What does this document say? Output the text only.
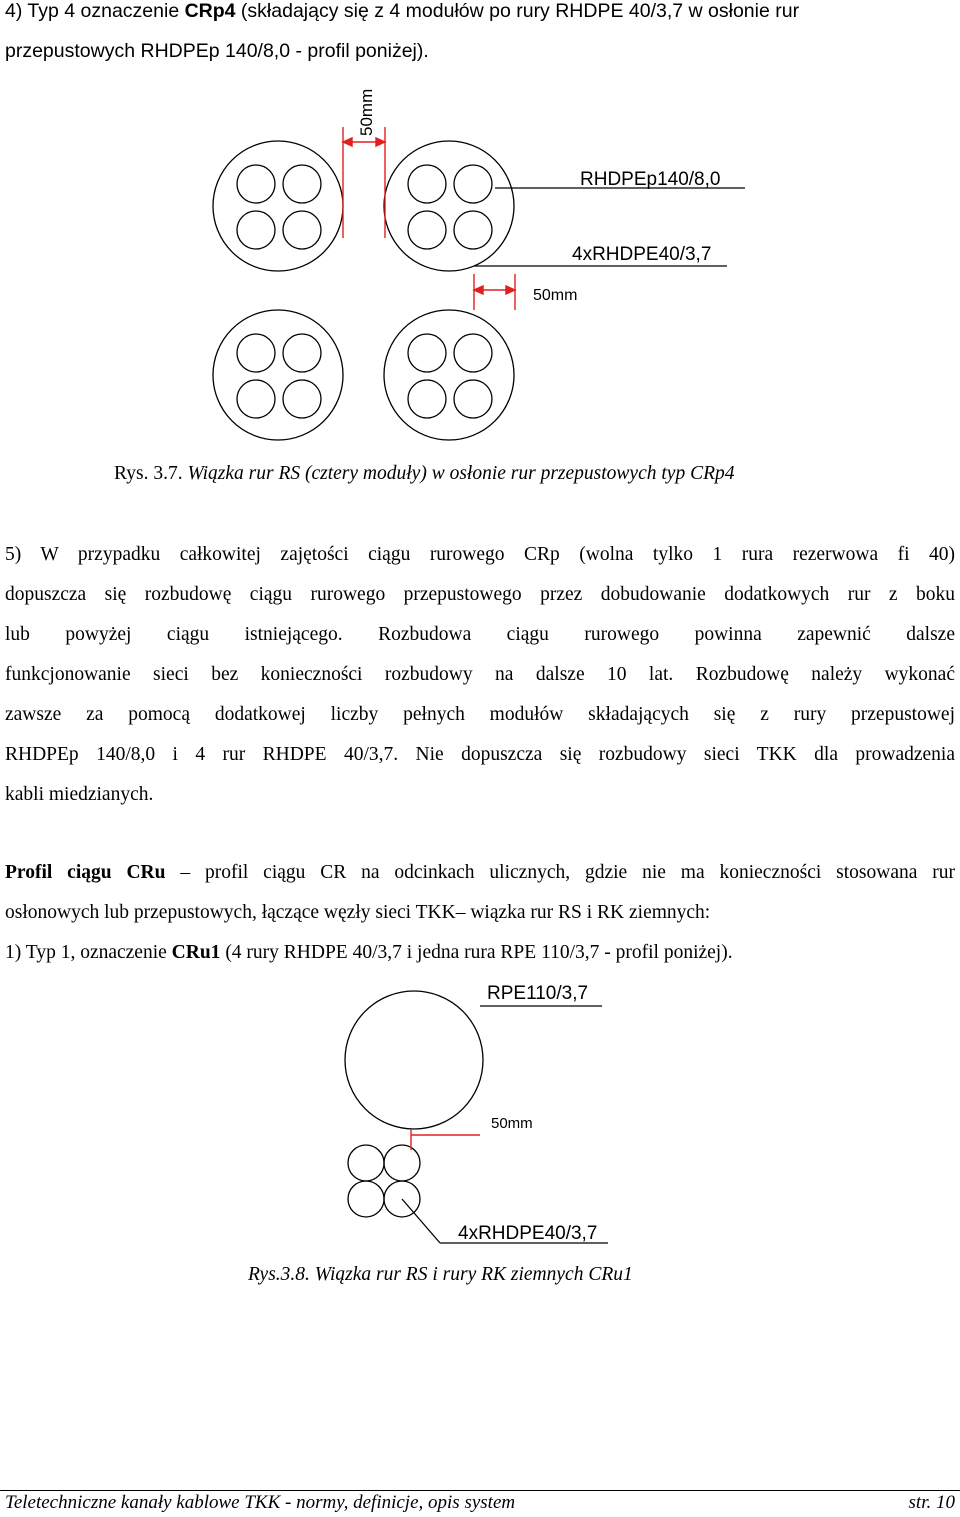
4) Typ 4 oznaczenie CRp4 (składający się z 4 modułów po rury RHDPE 40/3,7 w osłonie rur
przepustowych RHDPEp 140/8,0 - profil poniżej).
50mm
RHDPEp140/8,0
4xRHDPE40/3,7
50mm
Rys. 3.7. Wiązka rur RS (cztery moduły) w osłonie rur przepustowych typ CRp4
5) W przypadku całkowitej zajętości ciągu rurowego CRp (wolna tylko 1 rura rezerwowa fi 40)
dopuszcza się rozbudowę ciągu rurowego przepustowego przez dobudowanie dodatkowych rur z boku
lub powyżej ciągu istniejącego. Rozbudowa ciągu rurowego powinna zapewnić dalsze
funkcjonowanie sieci bez konieczności rozbudowy na dalsze 10 lat. Rozbudowę należy wykonać
zawsze za pomocą dodatkowej liczby pełnych modułów składających się z rury przepustowej
RHDPEp 140/8,0 i 4 rur RHDPE 40/3,7. Nie dopuszcza się rozbudowy sieci TKK dla prowadzenia
kabli miedzianych.
Profil ciągu CRu – profil ciągu CR na odcinkach ulicznych, gdzie nie ma konieczności stosowana rur
osłonowych lub przepustowych, łączące węzły sieci TKK– wiązka rur RS i RK ziemnych:
1) Typ 1, oznaczenie CRu1 (4 rury RHDPE 40/3,7 i jedna rura RPE 110/3,7 - profil poniżej).
RPE110/3,7
50mm
4xRHDPE40/3,7
Rys.3.8. Wiązka rur RS i rury RK ziemnych CRu1
Teletechniczne kanały kablowe TKK - normy, definicje, opis system	str. 10
